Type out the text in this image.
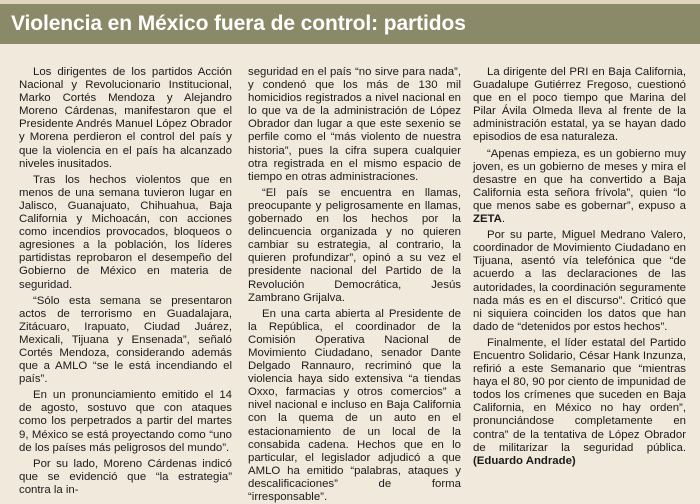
Violencia en México fuera de control: partidos

Los dirigentes de los partidos Acción Nacional y Revolucionario Institucional, Marko Cortés Mendoza y Alejandro Moreno Cárdenas, manifestaron que el Presidente Andrés Manuel López Obrador y Morena perdieron el control del país y que la violencia en el país ha alcanzado niveles inusitados.

Tras los hechos violentos que en menos de una semana tuvieron lugar en Jalisco, Guanajuato, Chihuahua, Baja California y Michoacán, con acciones como incendios provocados, bloqueos o agresiones a la población, los líderes partidistas reprobaron el desempeño del Gobierno de México en materia de seguridad.

“Sólo esta semana se presentaron actos de terrorismo en Guadalajara, Zitácuaro, Irapuato, Ciudad Juárez, Mexicali, Tijuana y Ensenada”, señaló Cortés Mendoza, considerando además que a AMLO “se le está incendiando el país”.

En un pronunciamiento emitido el 14 de agosto, sostuvo que con ataques como los perpetrados a partir del martes 9, México se está proyectando como “uno de los países más peligrosos del mundo”.

Por su lado, Moreno Cárdenas indicó que se evidenció que “la estrategia” contra la in-

seguridad en el país “no sirve para nada”, y condenó que los más de 130 mil homicidios registrados a nivel nacional en lo que va de la administración de López Obrador dan lugar a que este sexenio se perfile como el “más violento de nuestra historia”, pues la cifra supera cualquier otra registrada en el mismo espacio de tiempo en otras administraciones.

“El país se encuentra en llamas, preocupante y peligrosamente en llamas, gobernado en los hechos por la delincuencia organizada y no quieren cambiar su estrategia, al contrario, la quieren profundizar”, opinó a su vez el presidente nacional del Partido de la Revolución Democrática, Jesús Zambrano Grijalva.

En una carta abierta al Presidente de la República, el coordinador de la Comisión Operativa Nacional de Movimiento Ciudadano, senador Dante Delgado Rannauro, recriminó que la violencia haya sido extensiva “a tiendas Oxxo, farmacias y otros comercios” a nivel nacional e incluso en Baja California con la quema de un auto en el estacionamiento de un local de la consabida cadena. Hechos que en lo particular, el legislador adjudicó a que AMLO ha emitido “palabras, ataques y descalificaciones” de forma “irresponsable”.

La dirigente del PRI en Baja California, Guadalupe Gutiérrez Fregoso, cuestionó que en el poco tiempo que Marina del Pilar Ávila Olmeda lleva al frente de la administración estatal, ya se hayan dado episodios de esa naturaleza.

“Apenas empieza, es un gobierno muy joven, es un gobierno de meses y mira el desastre en que ha convertido a Baja California esta señora frívola”, quien “lo que menos sabe es gobernar”, expuso a ZETA.

Por su parte, Miguel Medrano Valero, coordinador de Movimiento Ciudadano en Tijuana, asentó vía telefónica que “de acuerdo a las declaraciones de las autoridades, la coordinación seguramente nada más es en el discurso”. Criticó que ni siquiera coinciden los datos que han dado de “detenidos por estos hechos”.

Finalmente, el líder estatal del Partido Encuentro Solidario, César Hank Inzunza, refirió a este Semanario que “mientras haya el 80, 90 por ciento de impunidad de todos los crímenes que suceden en Baja California, en México no hay orden”, pronunciándose completamente en contra” de la tentativa de López Obrador de militarizar la seguridad pública. (Eduardo Andrade)
